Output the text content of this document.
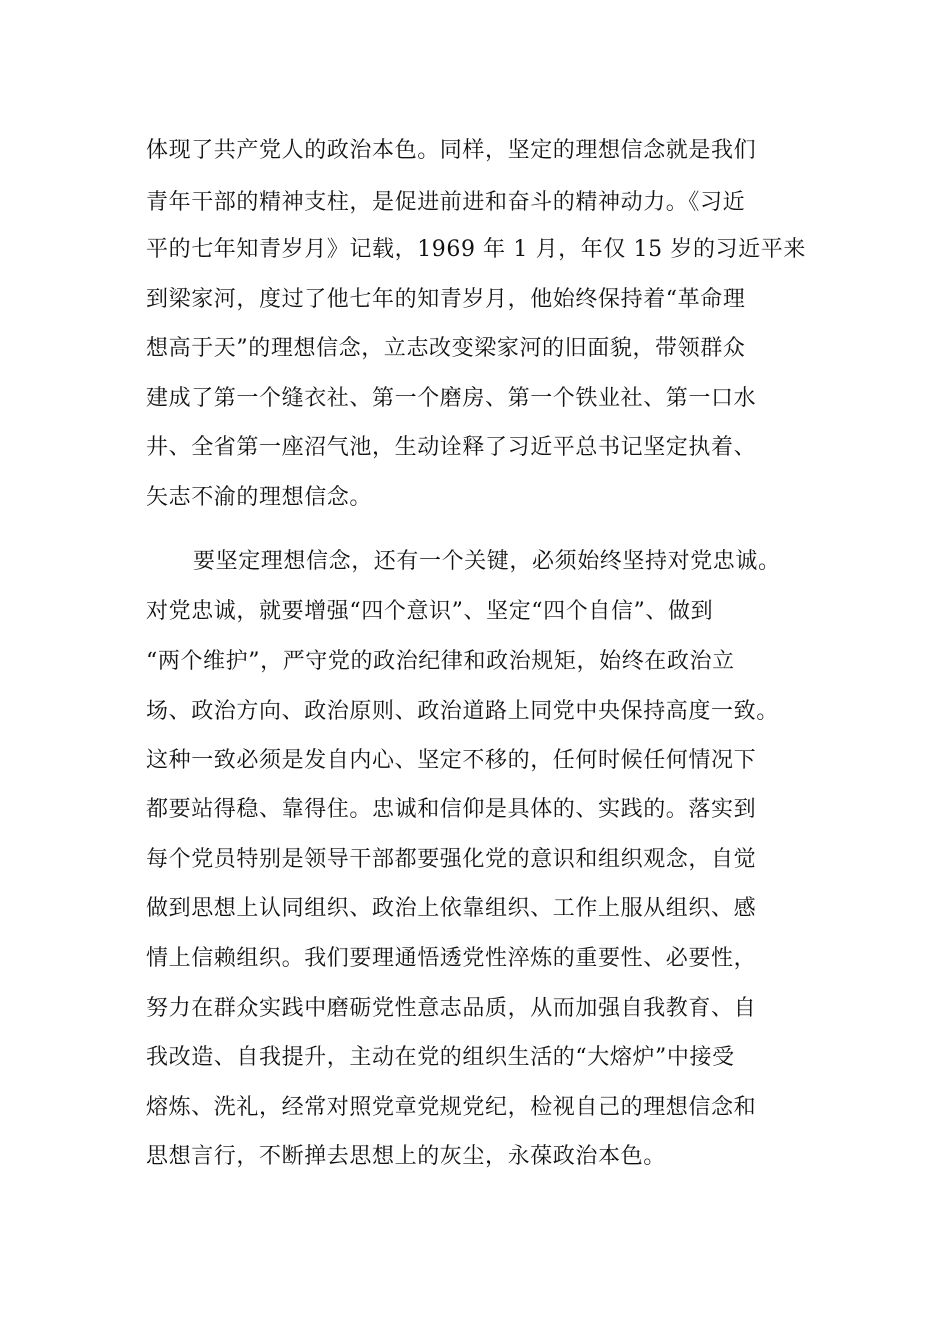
体现了共产党人的政治本色。同样，坚定的理想信念就是我们
青年干部的精神支柱，是促进前进和奋斗的精神动力。《习近
平的七年知青岁月》记载，1969 年 1 月，年仅 15 岁的习近平来
到梁家河，度过了他七年的知青岁月，他始终保持着“革命理
想高于天”的理想信念，立志改变梁家河的旧面貌，带领群众
建成了第一个缝衣社、第一个磨房、第一个铁业社、第一口水
井、全省第一座沼气池，生动诠释了习近平总书记坚定执着、
矢志不渝的理想信念。
要坚定理想信念，还有一个关键，必须始终坚持对党忠诚。
对党忠诚，就要增强“四个意识”、坚定“四个自信”、做到
“两个维护”，严守党的政治纪律和政治规矩，始终在政治立
场、政治方向、政治原则、政治道路上同党中央保持高度一致。
这种一致必须是发自内心、坚定不移的，任何时候任何情况下
都要站得稳、靠得住。忠诚和信仰是具体的、实践的。落实到
每个党员特别是领导干部都要强化党的意识和组织观念，自觉
做到思想上认同组织、政治上依靠组织、工作上服从组织、感
情上信赖组织。我们要理通悟透党性淬炼的重要性、必要性，
努力在群众实践中磨砺党性意志品质，从而加强自我教育、自
我改造、自我提升，主动在党的组织生活的“大熔炉”中接受
熔炼、洗礼，经常对照党章党规党纪，检视自己的理想信念和
思想言行，不断掸去思想上的灰尘，永葆政治本色。
